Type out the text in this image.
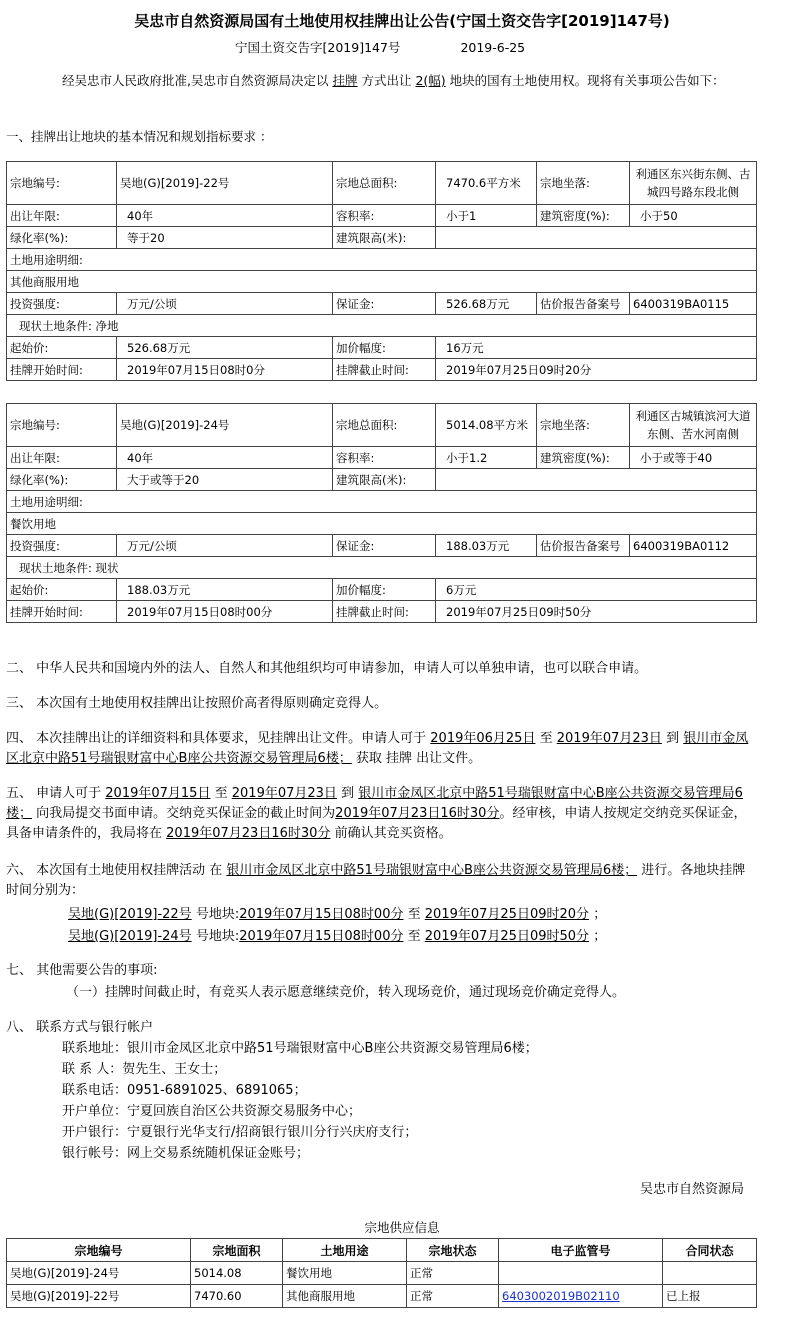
吴忠市自然资源局国有土地使用权挂牌出让公告(宁国土资交告字[2019]147号)
宁国土资交告字[2019]147号	2019-6-25
经吴忠市人民政府批准,吴忠市自然资源局决定以 挂牌 方式出让 2(幅) 地块的国有土地使用权。现将有关事项公告如下：
一、挂牌出让地块的基本情况和规划指标要求 ：
宗地编号:	吴地(G)[2019]-22号	宗地总面积:	7470.6平方米	宗地坐落:	利通区东兴街东侧、古城四号路东段北侧
出让年限:	40年	容积率:	小于1	建筑密度(%):	小于50
绿化率(%):	等于20	建筑限高(米):			
土地用途明细:					
其他商服用地					
投资强度:	万元/公顷	保证金:	526.68万元	估价报告备案号	6400319BA0115
现状土地条件: 净地					
起始价:	526.68万元	加价幅度:	16万元		
挂牌开始时间:	2019年07月15日08时0分	挂牌截止时间:	2019年07月25日09时20分		
宗地编号:	吴地(G)[2019]-24号	宗地总面积:	5014.08平方米	宗地坐落:	利通区古城镇滨河大道东侧、苦水河南侧
出让年限:	40年	容积率:	小于1.2	建筑密度(%):	小于或等于40
绿化率(%):	大于或等于20	建筑限高(米):			
土地用途明细:					
餐饮用地					
投资强度:	万元/公顷	保证金:	188.03万元	估价报告备案号	6400319BA0112
现状土地条件: 现状					
起始价:	188.03万元	加价幅度:	6万元		
挂牌开始时间:	2019年07月15日08时00分	挂牌截止时间:	2019年07月25日09时50分		
二、 中华人民共和国境内外的法人、自然人和其他组织均可申请参加，申请人可以单独申请，也可以联合申请。
三、 本次国有土地使用权挂牌出让按照价高者得原则确定竞得人。
四、 本次挂牌出让的详细资料和具体要求，见挂牌出让文件。申请人可于 2019年06月25日 至 2019年07月23日 到 银川市金凤区北京中路51号瑞银财富中心B座公共资源交易管理局6楼； 获取 挂牌 出让文件。
五、 申请人可于 2019年07月15日 至 2019年07月23日 到 银川市金凤区北京中路51号瑞银财富中心B座公共资源交易管理局6楼； 向我局提交书面申请。交纳竞买保证金的截止时间为2019年07月23日16时30分。经审核，申请人按规定交纳竞买保证金，具备申请条件的，我局将在 2019年07月23日16时30分 前确认其竞买资格。
六、 本次国有土地使用权挂牌活动 在 银川市金凤区北京中路51号瑞银财富中心B座公共资源交易管理局6楼； 进行。各地块挂牌时间分别为：
吴地(G)[2019]-22号 号地块:2019年07月15日08时00分 至 2019年07月25日09时20分 ；
吴地(G)[2019]-24号 号地块:2019年07月15日08时00分 至 2019年07月25日09时50分 ；
七、 其他需要公告的事项:
（一）挂牌时间截止时，有竞买人表示愿意继续竞价，转入现场竞价，通过现场竞价确定竞得人。
八、 联系方式与银行帐户
联系地址：银川市金凤区北京中路51号瑞银财富中心B座公共资源交易管理局6楼；
联 系 人：贺先生、王女士；
联系电话：0951-6891025、6891065；
开户单位：宁夏回族自治区公共资源交易服务中心；
开户银行：宁夏银行光华支行/招商银行银川分行兴庆府支行；
银行帐号：网上交易系统随机保证金账号；
吴忠市自然资源局
宗地供应信息
宗地编号	宗地面积	土地用途	宗地状态	电子监管号	合同状态
吴地(G)[2019]-24号	5014.08	餐饮用地	正常		
吴地(G)[2019]-22号	7470.60	其他商服用地	正常	6403002019B02110	已上报
